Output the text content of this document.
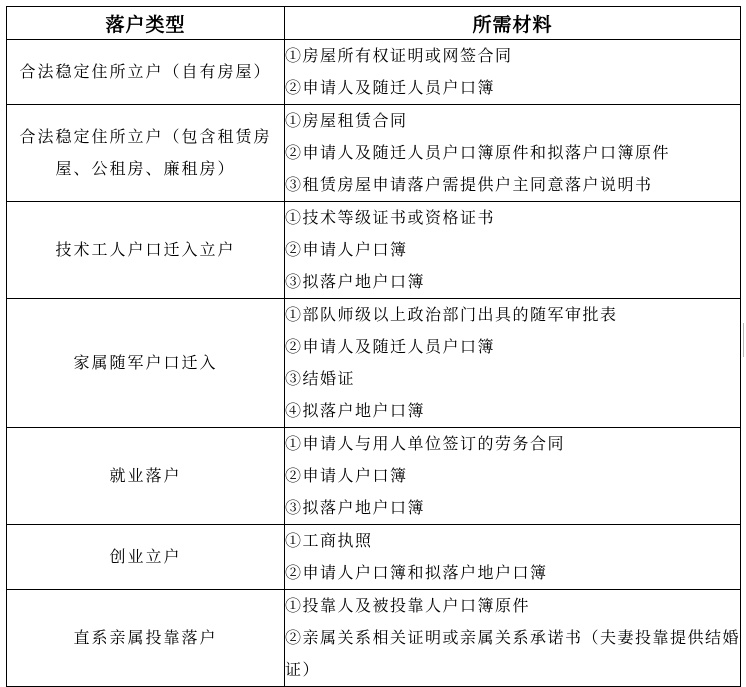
落户类型	所需材料
合法稳定住所立户（自有房屋）	①房屋所有权证明或网签合同
②申请人及随迁人员户口簿

合法稳定住所立户（包含租赁房屋、公租房、廉租房）	①房屋租赁合同
②申请人及随迁人员户口簿原件和拟落户口簿原件
③租赁房屋申请落户需提供户主同意落户说明书

技术工人户口迁入立户	①技术等级证书或资格证书
②申请人户口簿
③拟落户地户口簿

家属随军户口迁入	①部队师级以上政治部门出具的随军审批表
②申请人及随迁人员户口簿
③结婚证
④拟落户地户口簿

就业落户	①申请人与用人单位签订的劳务合同
②申请人户口簿
③拟落户地户口簿

创业立户	①工商执照
②申请人户口簿和拟落户地户口簿

直系亲属投靠落户	①投靠人及被投靠人户口簿原件
②亲属关系相关证明或亲属关系承诺书（夫妻投靠提供结婚证）
